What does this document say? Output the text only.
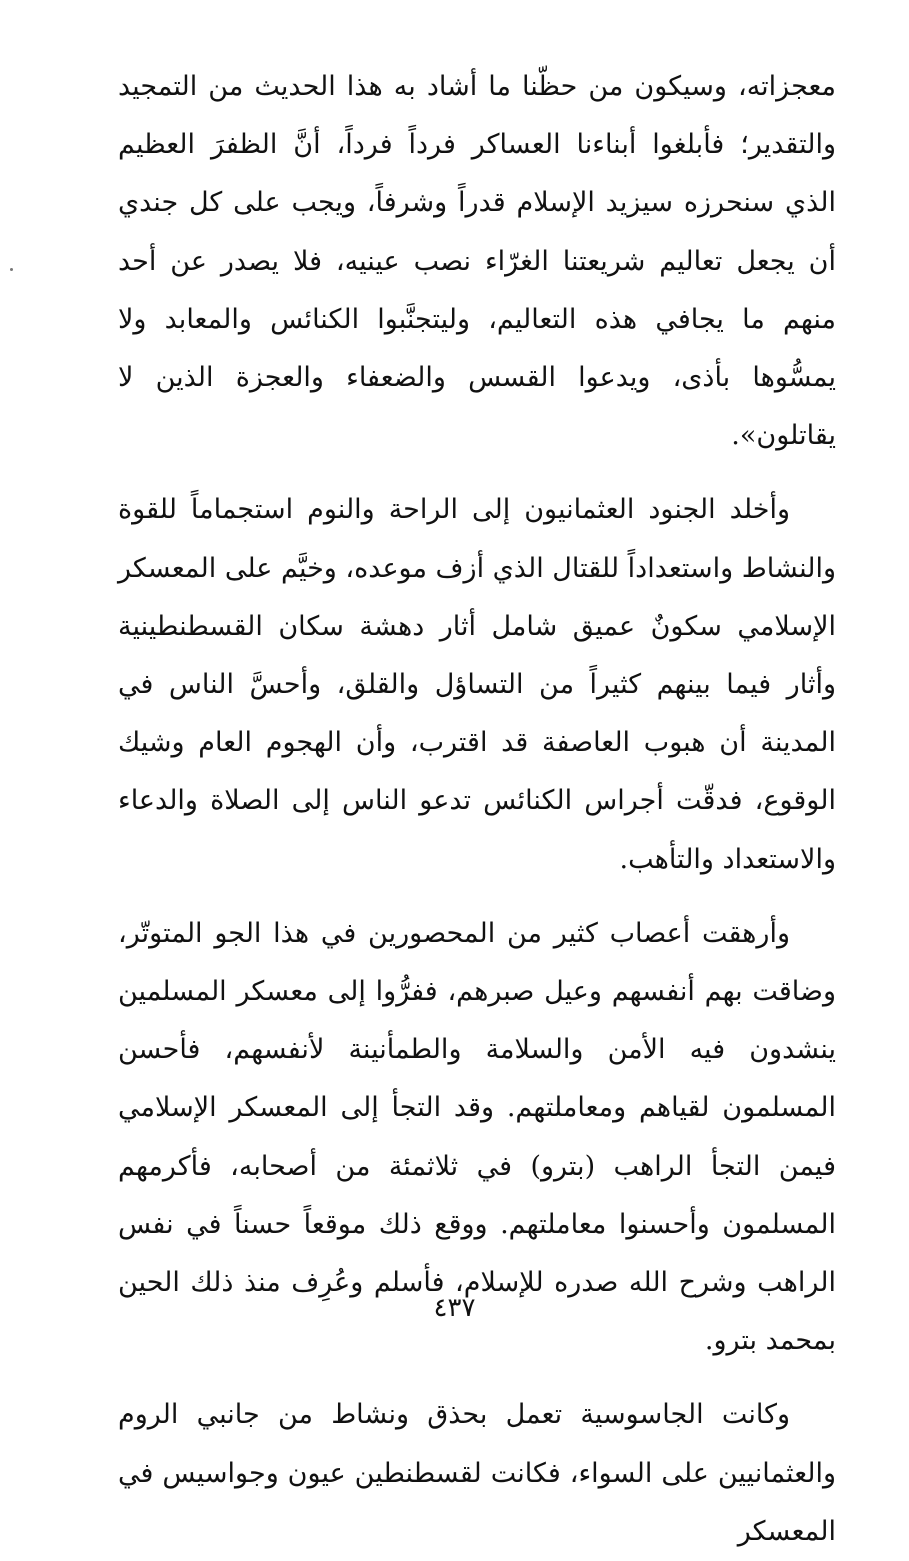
معجزاته، وسيكون من حظّنا ما أشاد به هذا الحديث من التمجيد والتقدير؛ فأبلغوا أبناءنا العساكر فرداً فرداً، أنَّ الظفرَ العظيم الذي سنحرزه سيزيد الإسلام قدراً وشرفاً، ويجب على كل جندي أن يجعل تعاليم شريعتنا الغرّاء نصب عينيه، فلا يصدر عن أحد منهم ما يجافي هذه التعاليم، وليتجنَّبوا الكنائس والمعابد ولا يمسُّوها بأذى، ويدعوا القسس والضعفاء والعجزة الذين لا يقاتلون».

وأخلد الجنود العثمانيون إلى الراحة والنوم استجماماً للقوة والنشاط واستعداداً للقتال الذي أزف موعده، وخيَّم على المعسكر الإسلامي سكونٌ عميق شامل أثار دهشة سكان القسطنطينية وأثار فيما بينهم كثيراً من التساؤل والقلق، وأحسَّ الناس في المدينة أن هبوب العاصفة قد اقترب، وأن الهجوم العام وشيك الوقوع، فدقّت أجراس الكنائس تدعو الناس إلى الصلاة والدعاء والاستعداد والتأهب.

وأرهقت أعصاب كثير من المحصورين في هذا الجو المتوتّر، وضاقت بهم أنفسهم وعيل صبرهم، ففرُّوا إلى معسكر المسلمين ينشدون فيه الأمن والسلامة والطمأنينة لأنفسهم، فأحسن المسلمون لقياهم ومعاملتهم. وقد التجأ إلى المعسكر الإسلامي فيمن التجأ الراهب (بترو) في ثلاثمئة من أصحابه، فأكرمهم المسلمون وأحسنوا معاملتهم. ووقع ذلك موقعاً حسناً في نفس الراهب وشرح الله صدره للإسلام، فأسلم وعُرِف منذ ذلك الحين بمحمد بترو.

وكانت الجاسوسية تعمل بحذق ونشاط من جانبي الروم والعثمانيين على السواء، فكانت لقسطنطين عيون وجواسيس في المعسكر

٤٣٧
